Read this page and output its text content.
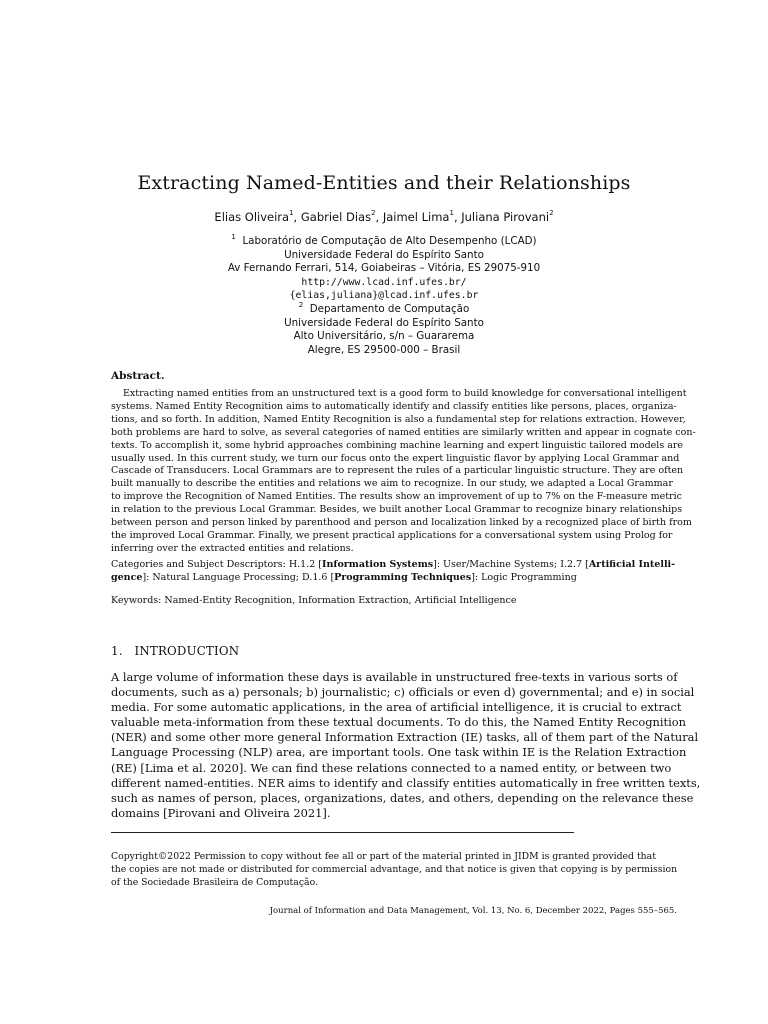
Extracting Named-Entities and their Relationships
Elias Oliveira$^1$, Gabriel Dias$^2$, Jaimel Lima$^1$, Juliana Pirovani$^2$
$^1$ Laboratório de Computação de Alto Desempenho (LCAD)
Universidade Federal do Espírito Santo
Av Fernando Ferrari, 514, Goiabeiras – Vitória, ES 29075-910
http://www.lcad.inf.ufes.br/
{elias,juliana}@lcad.inf.ufes.br
$^2$ Departamento de Computação
Universidade Federal do Espírito Santo
Alto Universitário, s/n – Guararema
Alegre, ES 29500-000 – Brasil
Abstract.
Extracting named entities from an unstructured text is a good form to build knowledge for conversational intelligent
systems. Named Entity Recognition aims to automatically identify and classify entities like persons, places, organiza-
tions, and so forth. In addition, Named Entity Recognition is also a fundamental step for relations extraction. However,
both problems are hard to solve, as several categories of named entities are similarly written and appear in cognate con-
texts. To accomplish it, some hybrid approaches combining machine learning and expert linguistic tailored models are
usually used. In this current study, we turn our focus onto the expert linguistic flavor by applying Local Grammar and
Cascade of Transducers. Local Grammars are to represent the rules of a particular linguistic structure. They are often
built manually to describe the entities and relations we aim to recognize. In our study, we adapted a Local Grammar
to improve the Recognition of Named Entities. The results show an improvement of up to 7% on the F-measure metric
in relation to the previous Local Grammar. Besides, we built another Local Grammar to recognize binary relationships
between person and person linked by parenthood and person and localization linked by a recognized place of birth from
the improved Local Grammar. Finally, we present practical applications for a conversational system using Prolog for
inferring over the extracted entities and relations.
Categories and Subject Descriptors: H.1.2 [Information Systems]: User/Machine Systems; I.2.7 [Artificial Intelli-
gence]: Natural Language Processing; D.1.6 [Programming Techniques]: Logic Programming
Keywords: Named-Entity Recognition, Information Extraction, Artificial Intelligence
1.   INTRODUCTION
A large volume of information these days is available in unstructured free-texts in various sorts of
documents, such as a) personals; b) journalistic; c) officials or even d) governmental; and e) in social
media. For some automatic applications, in the area of artificial intelligence, it is crucial to extract
valuable meta-information from these textual documents. To do this, the Named Entity Recognition
(NER) and some other more general Information Extraction (IE) tasks, all of them part of the Natural
Language Processing (NLP) area, are important tools. One task within IE is the Relation Extraction
(RE) [Lima et al. 2020]. We can find these relations connected to a named entity, or between two
different named-entities. NER aims to identify and classify entities automatically in free written texts,
such as names of person, places, organizations, dates, and others, depending on the relevance these
domains [Pirovani and Oliveira 2021].
Copyright©2022 Permission to copy without fee all or part of the material printed in JIDM is granted provided that
the copies are not made or distributed for commercial advantage, and that notice is given that copying is by permission
of the Sociedade Brasileira de Computação.
Journal of Information and Data Management, Vol. 13, No. 6, December 2022, Pages 555–565.
